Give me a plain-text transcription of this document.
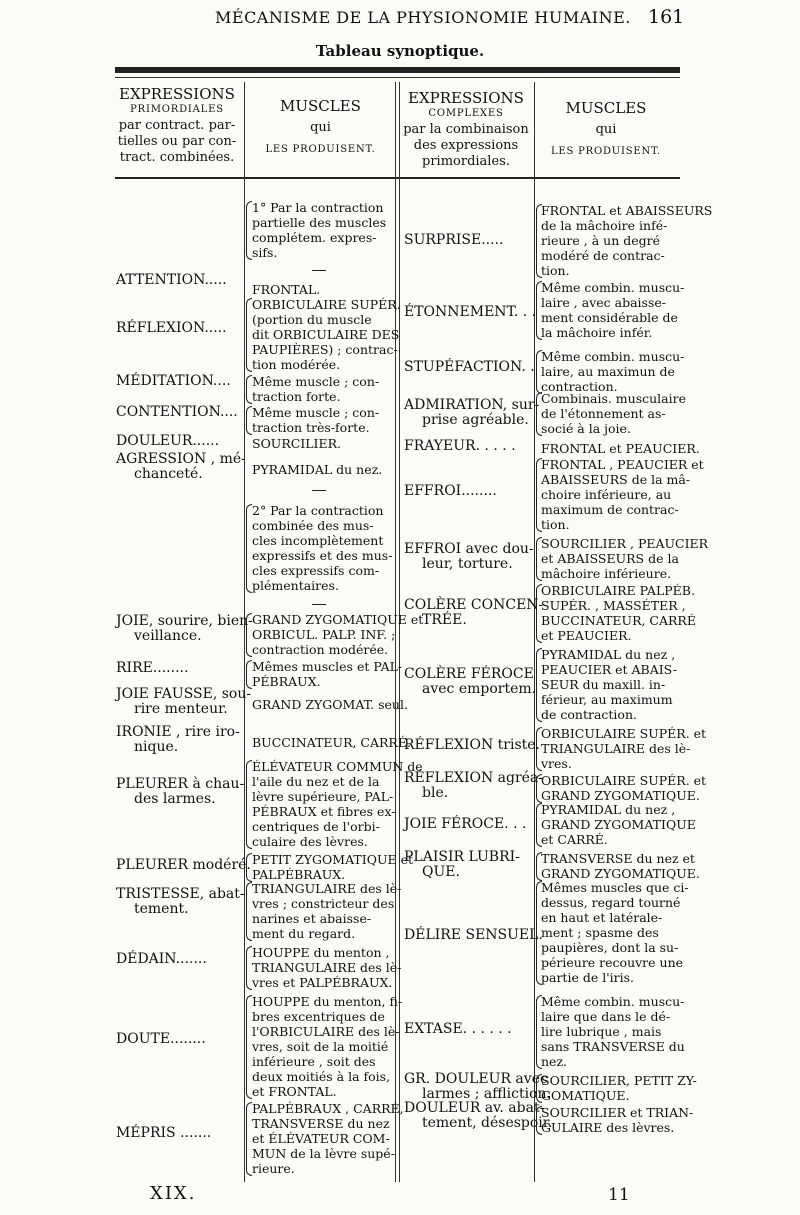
MÉCANISME DE LA PHYSIONOMIE HUMAINE. 161
Tableau synoptique.
EXPRESSIONS
PRIMORDIALES
par contract. par-
tielles ou par con-
tract. combinées.
MUSCLES
qui
LES PRODUISENT.
EXPRESSIONS
COMPLEXES
par la combinaison
des expressions
primordiales.
MUSCLES
qui
LES PRODUISENT.
ATTENTION.....
RÉFLEXION.....
MÉDITATION....
CONTENTION....
DOULEUR......
AGRESSION , mé-
chanceté.
JOIE, sourire, bien-
veillance.
RIRE........
JOIE FAUSSE, sou-
rire menteur.
IRONIE , rire iro-
nique.
PLEURER à chau-
des larmes.
PLEURER modéré.
TRISTESSE, abat-
tement.
DÉDAIN.......
DOUTE........
MÉPRIS .......
1° Par la contraction
partielle des muscles
complétem. expres-
sifs.
FRONTAL.
ORBICULAIRE SUPÉR.
(portion du muscle
dit ORBICULAIRE DES
PAUPIÈRES) ; contrac-
tion modérée.
Même muscle ; con-
traction forte.
Même muscle ; con-
traction très-forte.
SOURCILIER.
PYRAMIDAL du nez.
2° Par la contraction
combinée des mus-
cles incomplètement
expressifs et des mus-
cles expressifs com-
plémentaires.
GRAND ZYGOMATIQUE et
ORBICUL. PALP. INF. ;
contraction modérée.
Mêmes muscles et PAL-
PÉBRAUX.
GRAND ZYGOMAT. seul.
BUCCINATEUR, CARRÉ.
ÉLÉVATEUR COMMUN de
l'aile du nez et de la
lèvre supérieure, PAL-
PÉBRAUX et fibres ex-
centriques de l'orbi-
culaire des lèvres.
PETIT ZYGOMATIQUE et
PALPÉBRAUX.
TRIANGULAIRE des lè-
vres ; constricteur des
narines et abaisse-
ment du regard.
HOUPPE du menton ,
TRIANGULAIRE des lè-
vres et PALPÉBRAUX.
HOUPPE du menton, fi-
bres excentriques de
l'ORBICULAIRE des lè-
vres, soit de la moitié
inférieure , soit des
deux moitiés à la fois,
et FRONTAL.
PALPÉBRAUX , CARRÉ,
TRANSVERSE du nez
et ÉLÉVATEUR COM-
MUN de la lèvre supé-
rieure.
SURPRISE.....
ÉTONNEMENT. . .
STUPÉFACTION. .
ADMIRATION, sur-
prise agréable.
FRAYEUR. . . . .
EFFROI........
EFFROI avec dou-
leur, torture.
COLÈRE CONCEN-
TRÉE.
COLÈRE FÉROCE
avec emportem.
RÉFLEXION triste.
RÉFLEXION agréa-
ble.
JOIE FÉROCE. . .
PLAISIR LUBRI-
QUE.
DÉLIRE SENSUEL.
EXTASE. . . . . .
GR. DOULEUR avec
larmes ; affliction.
DOULEUR av. abat-
tement, désespoir.
FRONTAL et ABAISSEURS
de la mâchoire infé-
rieure , à un degré
modéré de contrac-
tion.
Même combin. muscu-
laire , avec abaisse-
ment considérable de
la mâchoire infér.
Même combin. muscu-
laire, au maximun de
contraction.
Combinais. musculaire
de l'étonnement as-
socié à la joie.
FRONTAL et PEAUCIER.
FRONTAL , PEAUCIER et
ABAISSEURS de la mâ-
choire inférieure, au
maximum de contrac-
tion.
SOURCILIER , PEAUCIER
et ABAISSEURS de la
mâchoire inférieure.
ORBICULAIRE PALPÉB.
SUPÉR. , MASSÉTER ,
BUCCINATEUR, CARRÉ
et PEAUCIER.
PYRAMIDAL du nez ,
PEAUCIER et ABAIS-
SEUR du maxill. in-
férieur, au maximum
de contraction.
ORBICULAIRE SUPÉR. et
TRIANGULAIRE des lè-
vres.
ORBICULAIRE SUPÉR. et
GRAND ZYGOMATIQUE.
PYRAMIDAL du nez ,
GRAND ZYGOMATIQUE
et CARRÉ.
TRANSVERSE du nez et
GRAND ZYGOMATIQUE.
Mêmes muscles que ci-
dessus, regard tourné
en haut et latérale-
ment ; spasme des
paupières, dont la su-
périeure recouvre une
partie de l'iris.
Même combin. muscu-
laire que dans le dé-
lire lubrique , mais
sans TRANSVERSE du
nez.
SOURCILIER, PETIT ZY-
GOMATIQUE.
SOURCILIER et TRIAN-
GULAIRE des lèvres.
XIX.	11
